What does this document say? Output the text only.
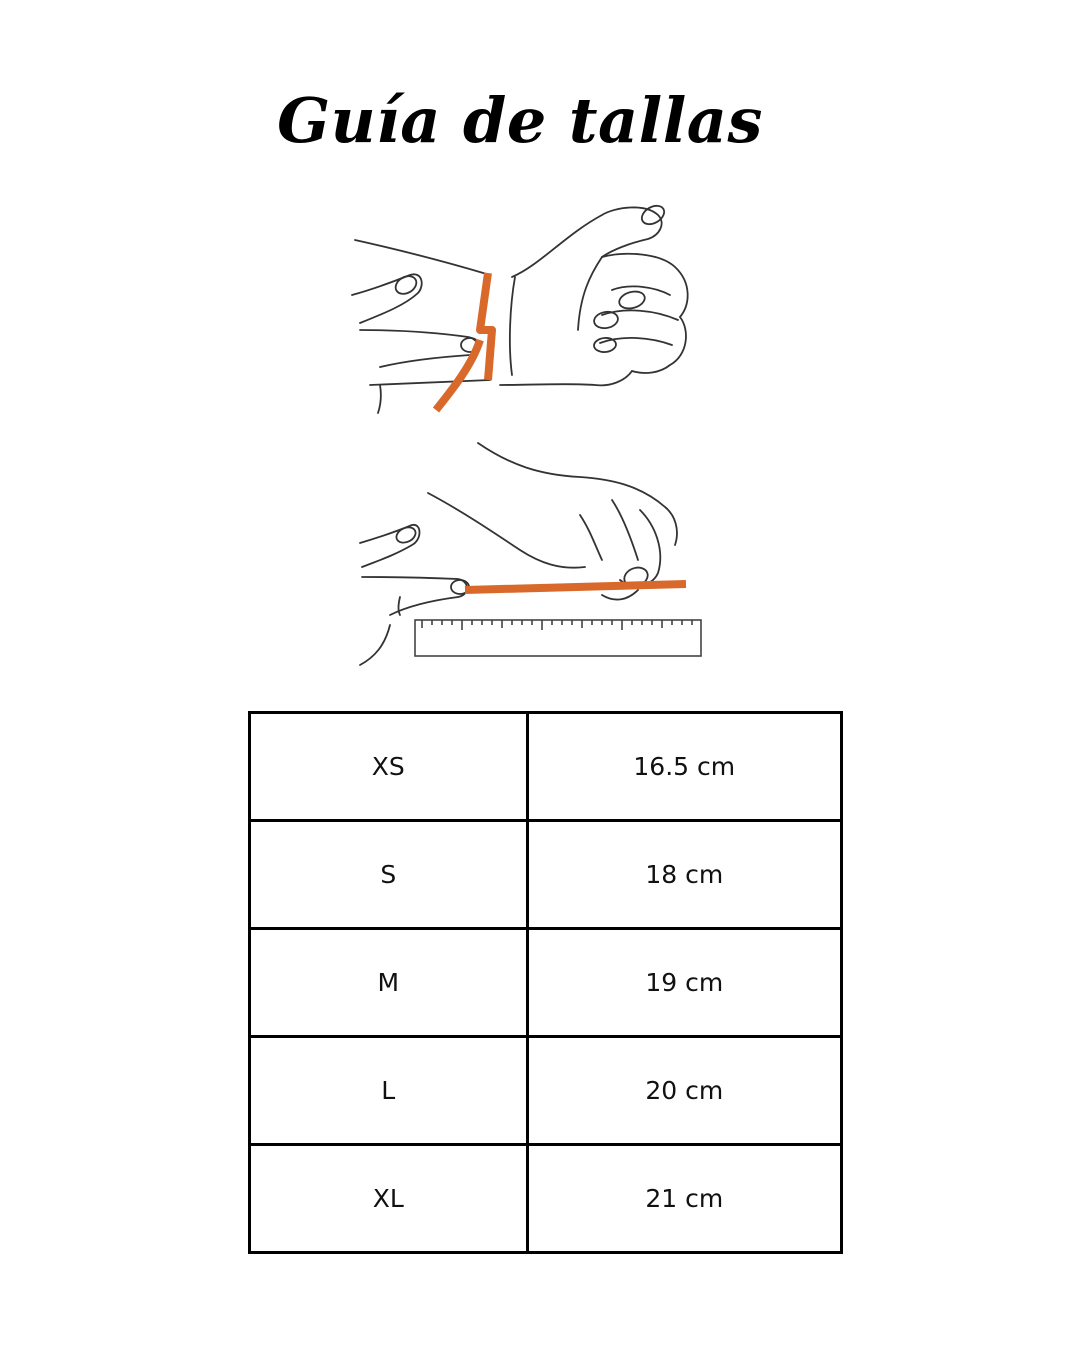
Guía de tallas
XS	16.5 cm
S	18 cm
M	19 cm
L	20 cm
XL	21 cm
